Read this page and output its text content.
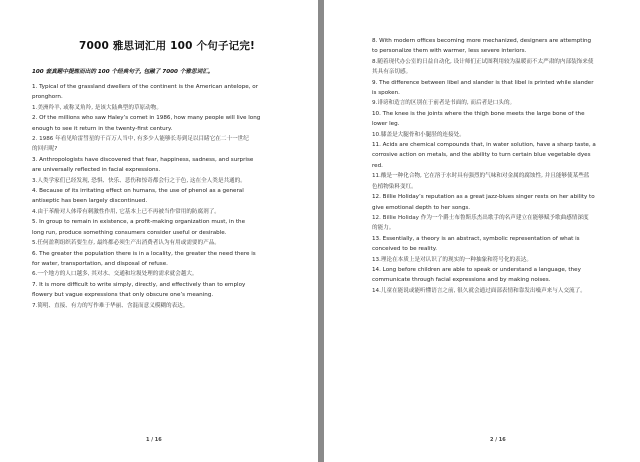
7000 雅思词汇用 100 个句子记完!
100 套真题中提炼而出的 100 个经典句子, 包融了 7000 个雅思词汇。
1. Typical of the grassland dwellers of the continent is the American antelope, or
pronghorn.
1.美洲羚羊, 或称叉角羚, 是该大陆典型的草原动物。
2. Of the millions who saw Haley’s comet in 1986, how many people will live long
enough to see it return in the twenty-first century.
2. 1986 年看见哈雷彗星的千百万人当中, 有多少人能够长寿到足以目睹它在二十一世纪
的回归呢?
3. Anthropologists have discovered that fear, happiness, sadness, and surprise
are universally reflected in facial expressions.
3.人类学家们已经发现, 恐惧、快乐、悲伤和惊奇都会行之于色, 这在全人类是共通的。
4. Because of its irritating effect on humans, the use of phenol as a general
antiseptic has been largely discontinued.
4.由于苯酚对人体带有刺激性作用, 它基本上已不再被当作常用的防腐剂了。
5. In group to remain in existence, a profit-making organization must, in the
long run, produce something consumers consider useful or desirable.
5.任何盈利组织若要生存, 最终都必须生产出消费者认为有用或需要的产品。
6. The greater the population there is in a locality, the greater the need there is
for water, transportation, and disposal of refuse.
6.一个地方的人口越多, 其对水、交通和垃圾处理的需求就会越大。
7. It is more difficult to write simply, directly, and effectively than to employ
flowery but vague expressions that only obscure one’s meaning.
7.简明、直接、有力的写作难于华丽、含混而意义模糊的表达。
8. With modern offices becoming more mechanized, designers are attempting
to personalize them with warmer, less severe interiors.
8.随着现代办公室的日益自动化, 设计师们正试图利用较为温暖而不太严肃的内部装饰来使
其具有亲切感。
9. The difference between libel and slander is that libel is printed while slander
is spoken.
9.诽谤和造言的区别在于前者是书面的, 而后者是口头的。
10. The knee is the joints where the thigh bone meets the large bone of the
lower leg.
10.膝盖是大腿骨和小腿胫的连接处。
11. Acids are chemical compounds that, in water solution, have a sharp taste, a
corrosive action on metals, and the ability to turn certain blue vegetable dyes
red.
11.酸是一种化合物, 它在溶于水时具有强烈的气味和对金属的腐蚀性, 并且能够使某些蓝
色植物染料变红。
12. Billie Holiday’s reputation as a great jazz-blues singer rests on her ability to
give emotional depth to her songs.
12. Billie Holiday 作为一个爵士布鲁斯乐杰出歌手的名声建立在能够赋予歌曲感情深度
的能力。
13. Essentially, a theory is an abstract, symbolic representation of what is
conceived to be reality.
13.理论在本质上是对认识了的现实的一种抽象和符号化的表达。
14. Long before children are able to speak or understand a language, they
communicate through facial expressions and by making noises.
14.儿童在能说或能听懂语言之前, 很久就会通过面部表情和靠发出噪声来与人交流了。
1 / 16	2 / 16
